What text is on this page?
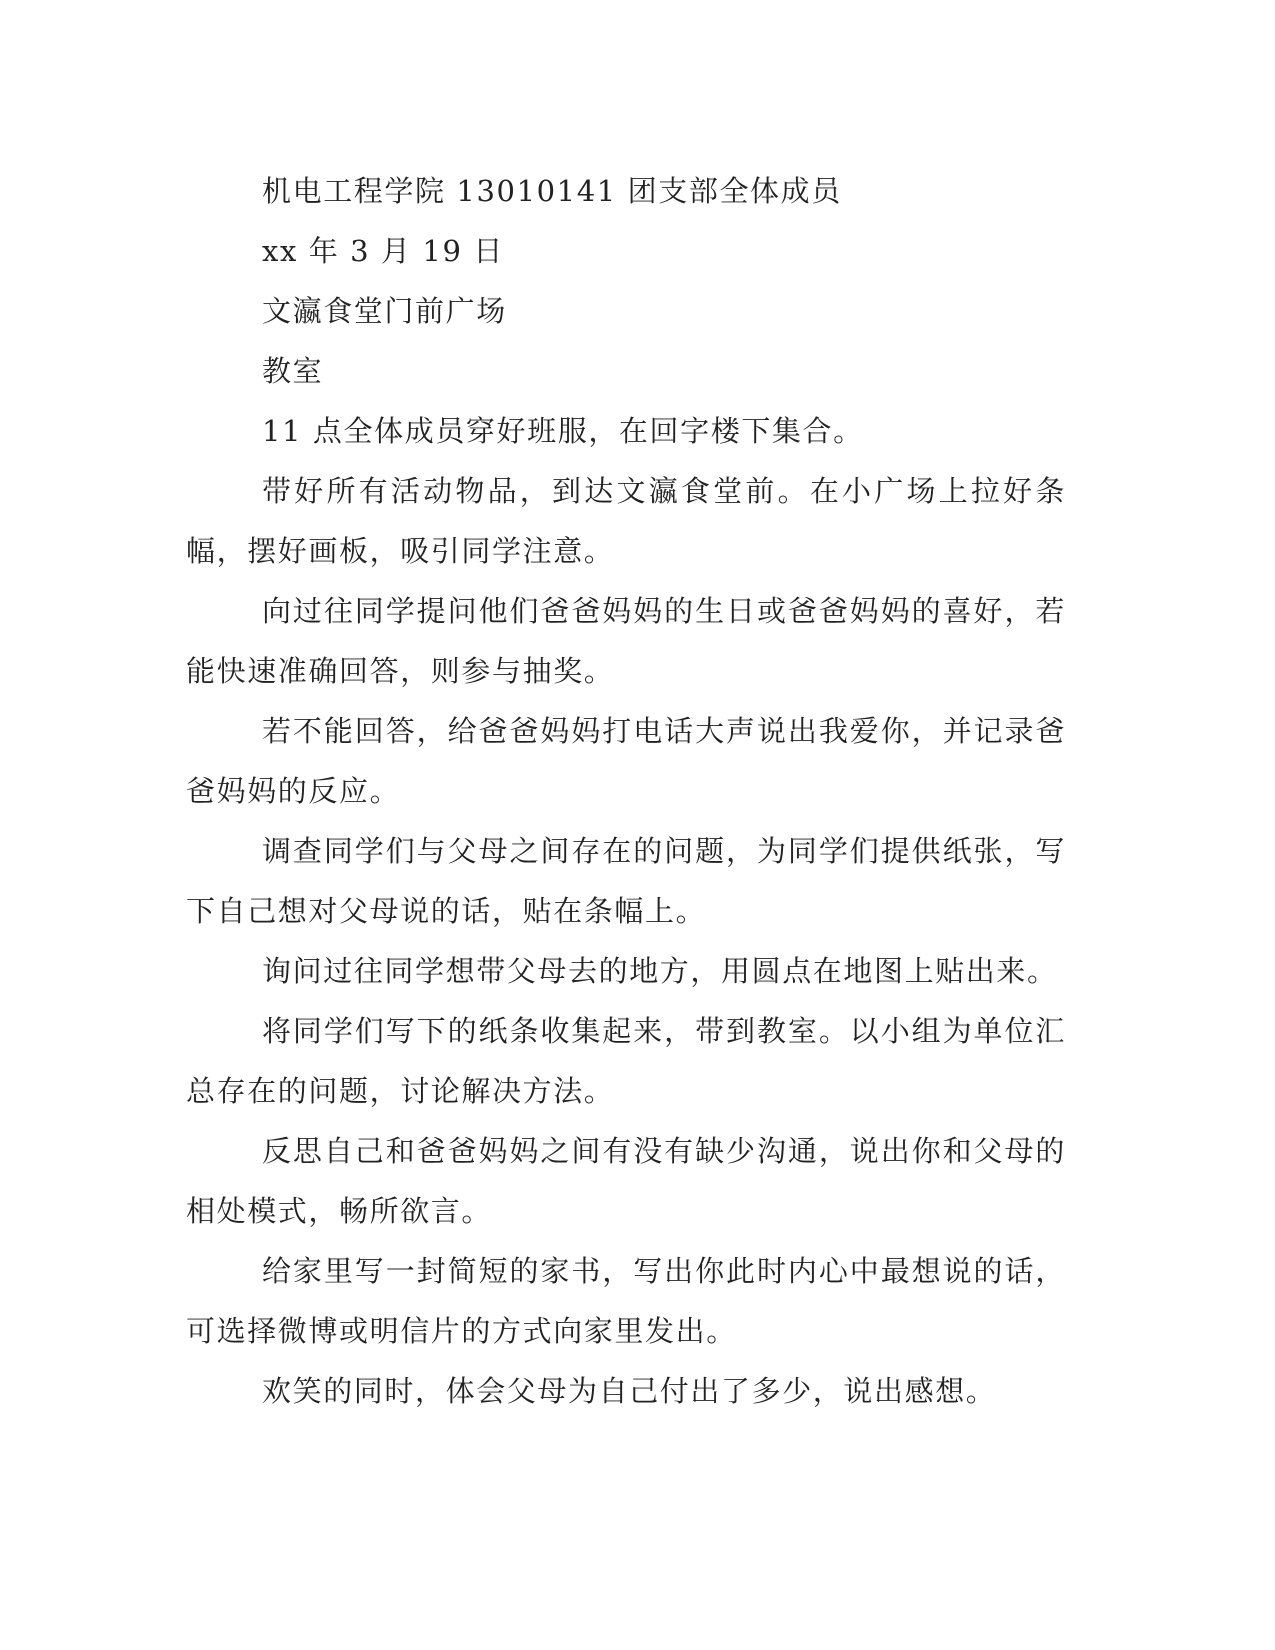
机电工程学院 13010141 团支部全体成员

xx 年 3 月 19 日

文瀛食堂门前广场

教室

11 点全体成员穿好班服，在回字楼下集合。

带好所有活动物品，到达文瀛食堂前。在小广场上拉好条幅，摆好画板，吸引同学注意。

向过往同学提问他们爸爸妈妈的生日或爸爸妈妈的喜好，若能快速准确回答，则参与抽奖。

若不能回答，给爸爸妈妈打电话大声说出我爱你，并记录爸爸妈妈的反应。

调查同学们与父母之间存在的问题，为同学们提供纸张，写下自己想对父母说的话，贴在条幅上。

询问过往同学想带父母去的地方，用圆点在地图上贴出来。

将同学们写下的纸条收集起来，带到教室。以小组为单位汇总存在的问题，讨论解决方法。

反思自己和爸爸妈妈之间有没有缺少沟通，说出你和父母的相处模式，畅所欲言。

给家里写一封简短的家书，写出你此时内心中最想说的话，可选择微博或明信片的方式向家里发出。

欢笑的同时，体会父母为自己付出了多少，说出感想。
